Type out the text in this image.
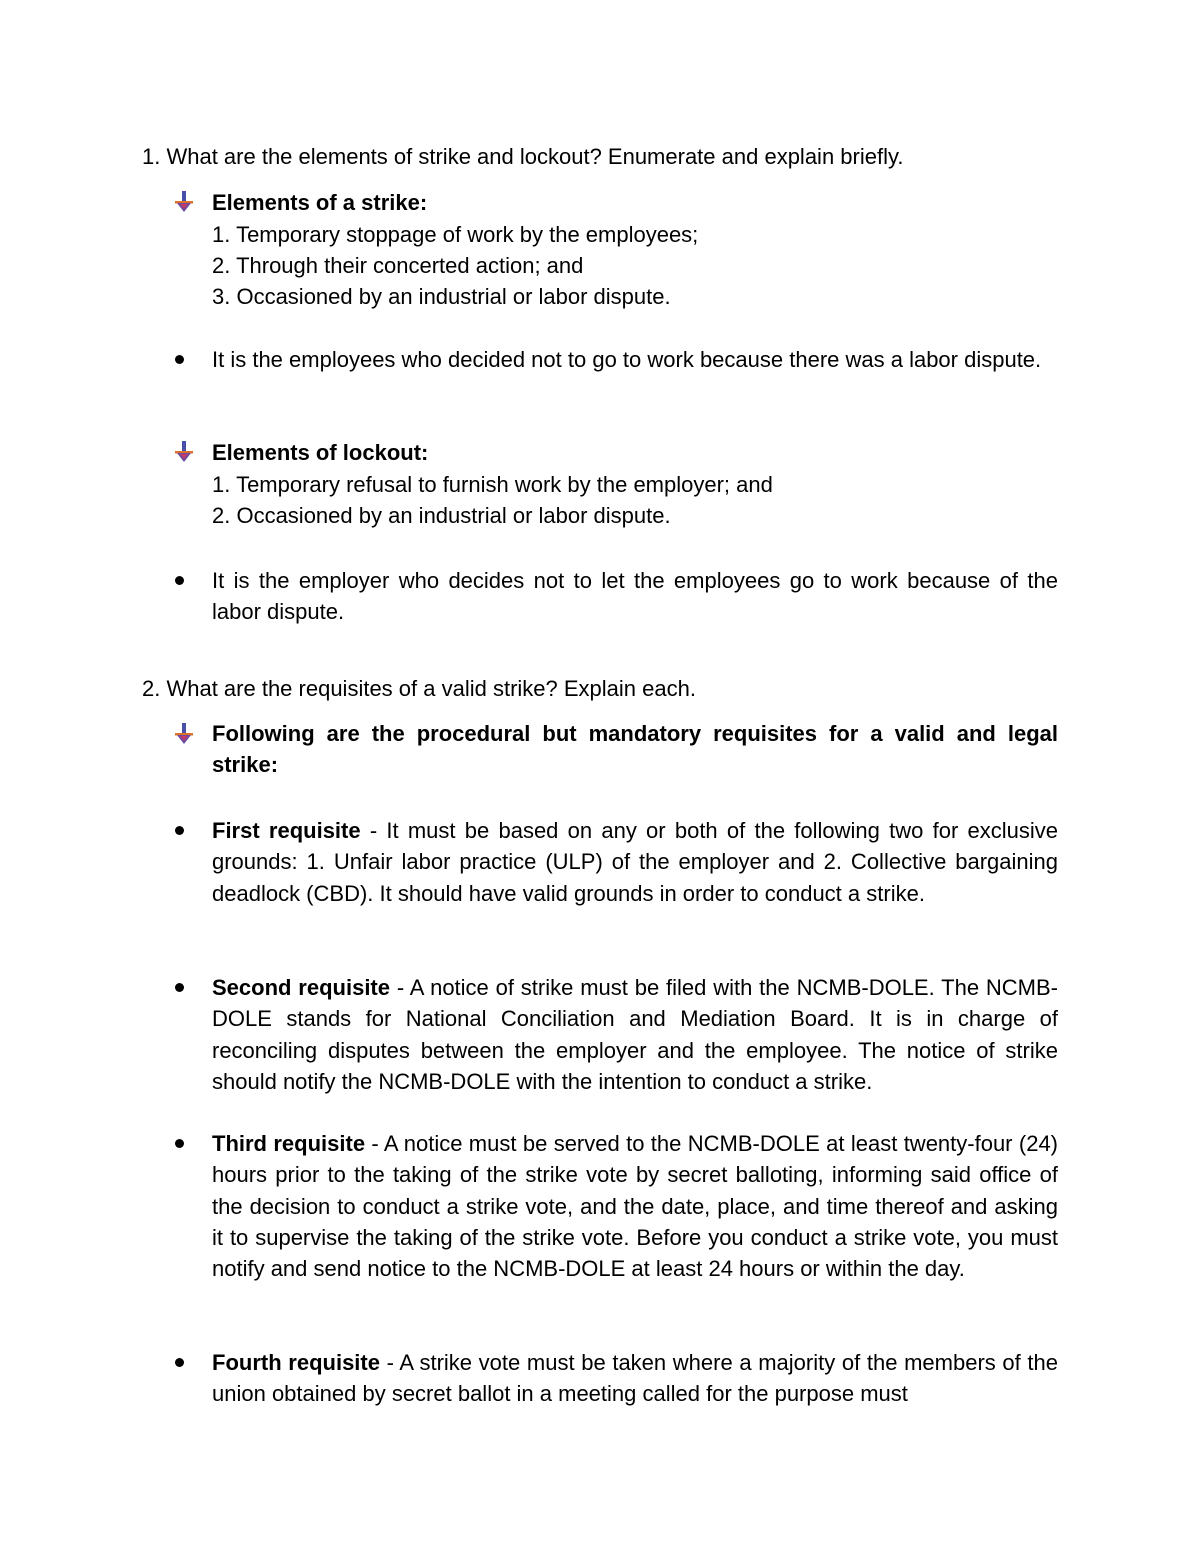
1. What are the elements of strike and lockout? Enumerate and explain briefly.
Elements of a strike:
1. Temporary stoppage of work by the employees;
2. Through their concerted action; and
3. Occasioned by an industrial or labor dispute.
It is the employees who decided not to go to work because there was a labor dispute.
Elements of lockout:
1. Temporary refusal to furnish work by the employer; and
2. Occasioned by an industrial or labor dispute.
It is the employer who decides not to let the employees go to work because of the labor dispute.
2. What are the requisites of a valid strike? Explain each.
Following are the procedural but mandatory requisites for a valid and legal strike:
First requisite - It must be based on any or both of the following two for exclusive grounds: 1. Unfair labor practice (ULP) of the employer and 2. Collective bargaining deadlock (CBD). It should have valid grounds in order to conduct a strike.
Second requisite - A notice of strike must be filed with the NCMB-DOLE. The NCMB-DOLE stands for National Conciliation and Mediation Board. It is in charge of reconciling disputes between the employer and the employee. The notice of strike should notify the NCMB-DOLE with the intention to conduct a strike.
Third requisite - A notice must be served to the NCMB-DOLE at least twenty-four (24) hours prior to the taking of the strike vote by secret balloting, informing said office of the decision to conduct a strike vote, and the date, place, and time thereof and asking it to supervise the taking of the strike vote. Before you conduct a strike vote, you must notify and send notice to the NCMB-DOLE at least 24 hours or within the day.
Fourth requisite - A strike vote must be taken where a majority of the members of the union obtained by secret ballot in a meeting called for the purpose must
